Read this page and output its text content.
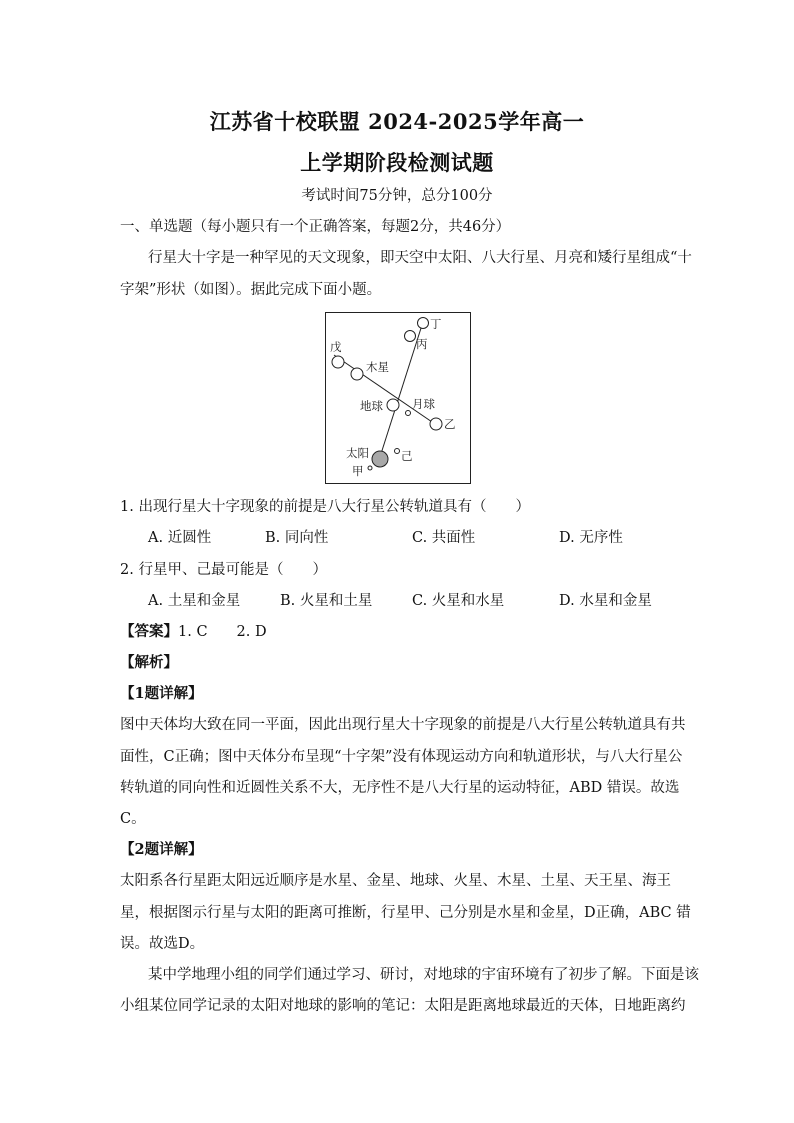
江苏省十校联盟 2024-2025学年高一
上学期阶段检测试题
考试时间75分钟，总分100分
一、单选题（每小题只有一个正确答案，每题2分，共46分）
行星大十字是一种罕见的天文现象，即天空中太阳、八大行星、月亮和矮行星组成“十
字架”形状（如图）。据此完成下面小题。
丁
丙
戊
木星
地球	月球
乙
太阳	己
甲
1. 出现行星大十字现象的前提是八大行星公转轨道具有（　　）
A. 近圆性	B. 同向性	C. 共面性	D. 无序性
2. 行星甲、己最可能是（　　）
A. 土星和金星	B. 火星和土星	C. 火星和水星	D. 水星和金星
【答案】1. C　　2. D
【解析】
【1题详解】
图中天体均大致在同一平面，因此出现行星大十字现象的前提是八大行星公转轨道具有共
面性，C正确；图中天体分布呈现“十字架”没有体现运动方向和轨道形状，与八大行星公
转轨道的同向性和近圆性关系不大，无序性不是八大行星的运动特征，ABD 错误。故选
C。
【2题详解】
太阳系各行星距太阳远近顺序是水星、金星、地球、火星、木星、土星、天王星、海王
星，根据图示行星与太阳的距离可推断，行星甲、己分别是水星和金星，D正确，ABC 错
误。故选D。
某中学地理小组的同学们通过学习、研讨，对地球的宇宙环境有了初步了解。下面是该
小组某位同学记录的太阳对地球的影响的笔记：太阳是距离地球最近的天体，日地距离约
